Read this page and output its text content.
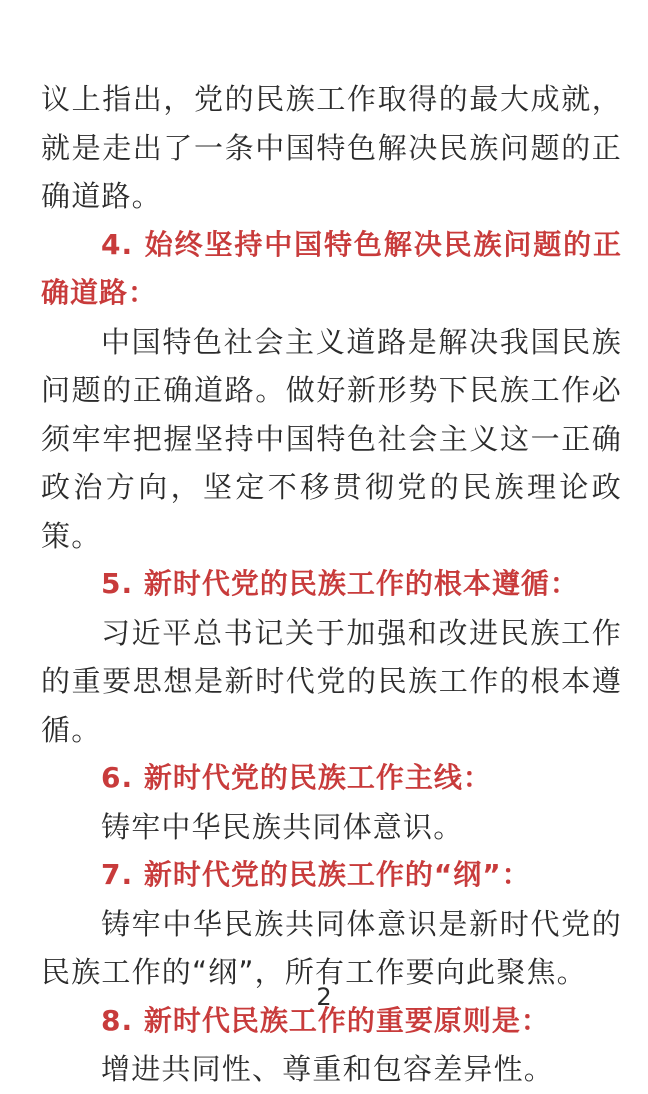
议上指出，党的民族工作取得的最大成就，就是走出了一条中国特色解决民族问题的正确道路。

4. 始终坚持中国特色解决民族问题的正确道路：

中国特色社会主义道路是解决我国民族问题的正确道路。做好新形势下民族工作必须牢牢把握坚持中国特色社会主义这一正确政治方向，坚定不移贯彻党的民族理论政策。

5. 新时代党的民族工作的根本遵循：

习近平总书记关于加强和改进民族工作的重要思想是新时代党的民族工作的根本遵循。

6. 新时代党的民族工作主线：

铸牢中华民族共同体意识。

7. 新时代党的民族工作的“纲”：

铸牢中华民族共同体意识是新时代党的民族工作的“纲”，所有工作要向此聚焦。

8. 新时代民族工作的重要原则是：

增进共同性、尊重和包容差异性。

2
